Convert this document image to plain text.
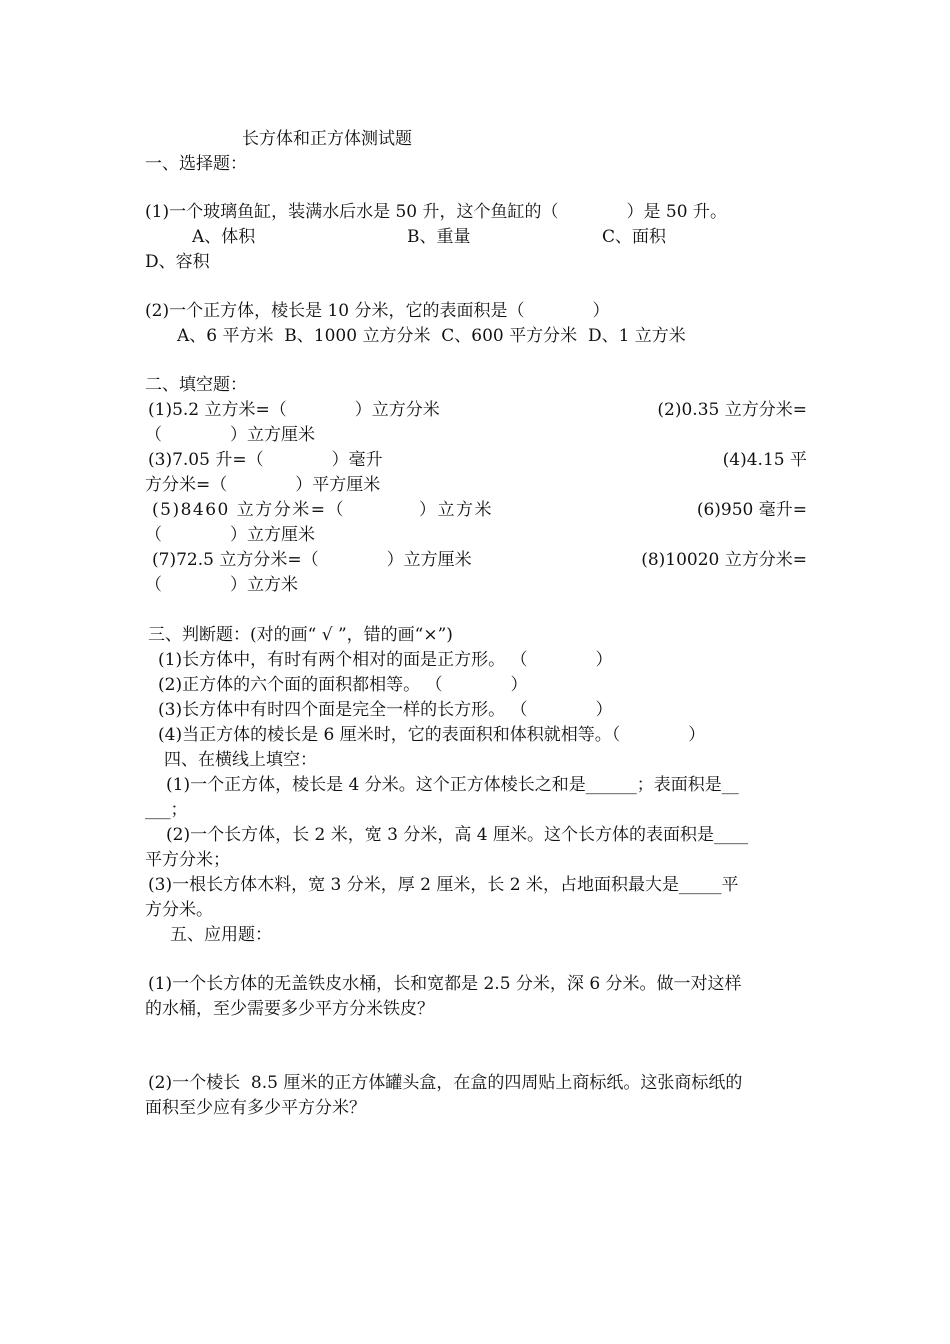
长方体和正方体测试题
一、选择题：
(1)一个玻璃鱼缸，装满水后水是 50 升，这个鱼缸的（　　　　）是 50 升。
A、体积	B、重量	C、面积
D、容积
(2)一个正方体，棱长是 10 分米，它的表面积是（　　　　）
A、6 平方米  B、1000 立方分米  C、600 平方分米  D、1 立方米
二、填空题：
(1)5.2 立方米=（　　　　）立方分米	(2)0.35 立方分米=
（　　　　）立方厘米
(3)7.05 升=（　　　　）毫升	(4)4.15 平
方分米=（　　　　）平方厘米
(5)8460 立方分米=（　　　　）立方米	(6)950 毫升=
（　　　　）立方厘米
(7)72.5 立方分米=（　　　　）立方厘米	(8)10020 立方分米=
（　　　　）立方米
三、判断题：(对的画“ √ ”，错的画“×”)
(1)长方体中，有时有两个相对的面是正方形。 （　　　　）
(2)正方体的六个面的面积都相等。 （　　　　）
(3)长方体中有时四个面是完全一样的长方形。 （　　　　）
(4)当正方体的棱长是 6 厘米时，它的表面积和体积就相等。（　　　　）
四、在横线上填空：
(1)一个正方体，棱长是 4 分米。这个正方体棱长之和是______；表面积是__
___；
(2)一个长方体，长 2 米，宽 3 分米，高 4 厘米。这个长方体的表面积是____
平方分米；
(3)一根长方体木料，宽 3 分米，厚 2 厘米，长 2 米，占地面积最大是_____平
方分米。
五、应用题：
(1)一个长方体的无盖铁皮水桶，长和宽都是 2.5 分米，深 6 分米。做一对这样
的水桶，至少需要多少平方分米铁皮？
(2)一个棱长  8.5 厘米的正方体罐头盒，在盒的四周贴上商标纸。这张商标纸的
面积至少应有多少平方分米？
